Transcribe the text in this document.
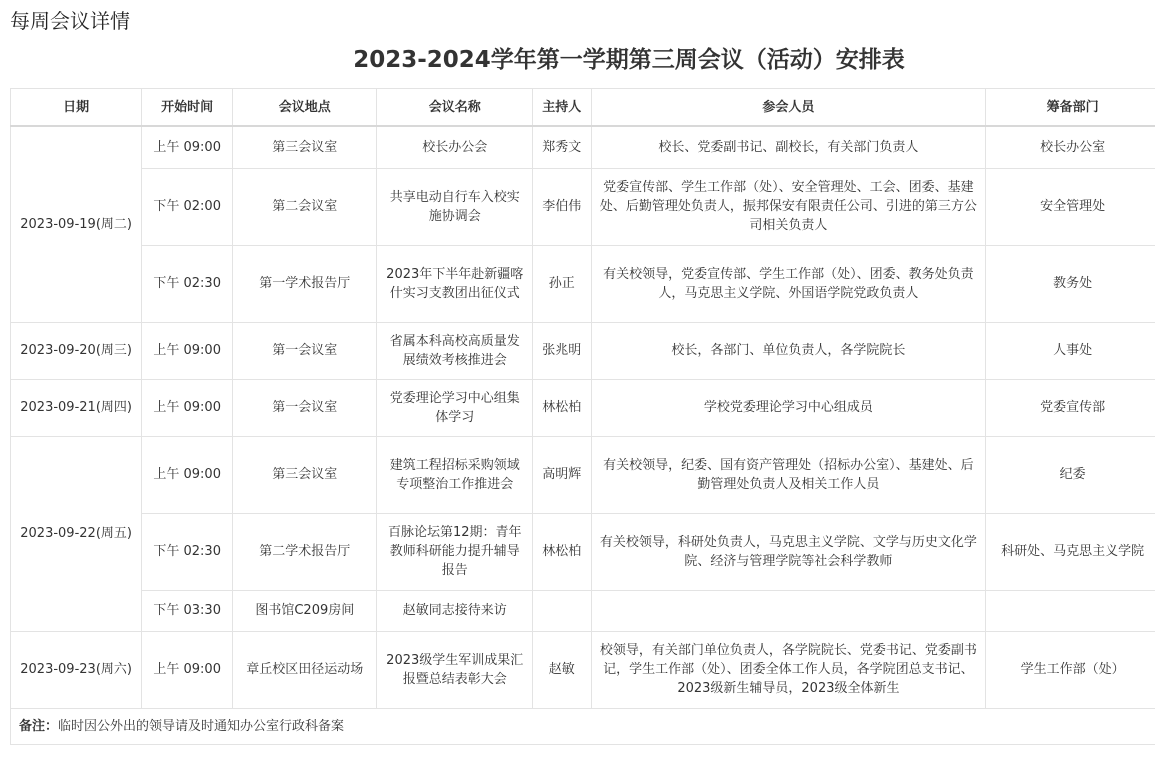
每周会议详情
2023-2024学年第一学期第三周会议（活动）安排表
日期	开始时间	会议地点	会议名称	主持人	参会人员	筹备部门
2023-09-19(周二)	上午 09:00	第三会议室	校长办公会	郑秀文	校长、党委副书记、副校长，有关部门负责人	校长办公室
	下午 02:00	第二会议室	共享电动自行车入校实施协调会	李伯伟	党委宣传部、学生工作部（处）、安全管理处、工会、团委、基建处、后勤管理处负责人，振邦保安有限责任公司、引进的第三方公司相关负责人	安全管理处
	下午 02:30	第一学术报告厅	2023年下半年赴新疆喀什实习支教团出征仪式	孙正	有关校领导，党委宣传部、学生工作部（处）、团委、教务处负责人，马克思主义学院、外国语学院党政负责人	教务处
2023-09-20(周三)	上午 09:00	第一会议室	省属本科高校高质量发展绩效考核推进会	张兆明	校长，各部门、单位负责人，各学院院长	人事处
2023-09-21(周四)	上午 09:00	第一会议室	党委理论学习中心组集体学习	林松柏	学校党委理论学习中心组成员	党委宣传部
2023-09-22(周五)	上午 09:00	第三会议室	建筑工程招标采购领域专项整治工作推进会	高明辉	有关校领导，纪委、国有资产管理处（招标办公室）、基建处、后勤管理处负责人及相关工作人员	纪委
	下午 02:30	第二学术报告厅	百脉论坛第12期：青年教师科研能力提升辅导报告	林松柏	有关校领导，科研处负责人，马克思主义学院、文学与历史文化学院、经济与管理学院等社会科学教师	科研处、马克思主义学院
	下午 03:30	图书馆C209房间	赵敏同志接待来访			
2023-09-23(周六)	上午 09:00	章丘校区田径运动场	2023级学生军训成果汇报暨总结表彰大会	赵敏	校领导，有关部门单位负责人，各学院院长、党委书记、党委副书记，学生工作部（处）、团委全体工作人员，各学院团总支书记、2023级新生辅导员，2023级全体新生	学生工作部（处）
备注：临时因公外出的领导请及时通知办公室行政科备案						
